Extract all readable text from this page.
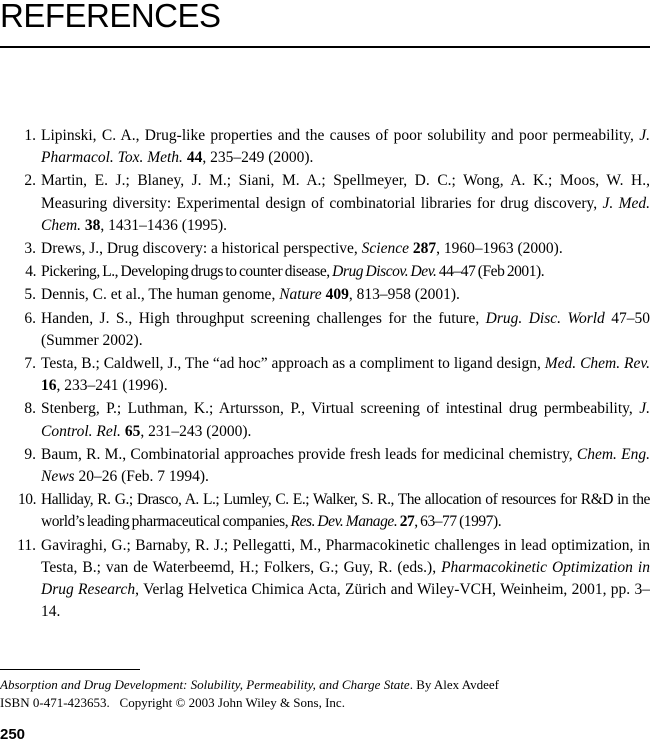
REFERENCES
1. Lipinski, C. A., Drug-like properties and the causes of poor solubility and poor permeability, J. Pharmacol. Tox. Meth. 44, 235–249 (2000).
2. Martin, E. J.; Blaney, J. M.; Siani, M. A.; Spellmeyer, D. C.; Wong, A. K.; Moos, W. H., Measuring diversity: Experimental design of combinatorial libraries for drug discovery, J. Med. Chem. 38, 1431–1436 (1995).
3. Drews, J., Drug discovery: a historical perspective, Science 287, 1960–1963 (2000).
4. Pickering, L., Developing drugs to counter disease, Drug Discov. Dev. 44–47 (Feb 2001).
5. Dennis, C. et al., The human genome, Nature 409, 813–958 (2001).
6. Handen, J. S., High throughput screening challenges for the future, Drug. Disc. World 47–50 (Summer 2002).
7. Testa, B.; Caldwell, J., The “ad hoc” approach as a compliment to ligand design, Med. Chem. Rev. 16, 233–241 (1996).
8. Stenberg, P.; Luthman, K.; Artursson, P., Virtual screening of intestinal drug permbeability, J. Control. Rel. 65, 231–243 (2000).
9. Baum, R. M., Combinatorial approaches provide fresh leads for medicinal chemistry, Chem. Eng. News 20–26 (Feb. 7 1994).
10. Halliday, R. G.; Drasco, A. L.; Lumley, C. E.; Walker, S. R., The allocation of resources for R&D in the world’s leading pharmaceutical companies, Res. Dev. Manage. 27, 63–77 (1997).
11. Gaviraghi, G.; Barnaby, R. J.; Pellegatti, M., Pharmacokinetic challenges in lead optimization, in Testa, B.; van de Waterbeemd, H.; Folkers, G.; Guy, R. (eds.), Pharmacokinetic Optimization in Drug Research, Verlag Helvetica Chimica Acta, Zürich and Wiley-VCH, Weinheim, 2001, pp. 3–14.
Absorption and Drug Development: Solubility, Permeability, and Charge State. By Alex Avdeef
ISBN 0-471-423653. Copyright © 2003 John Wiley & Sons, Inc.
250
